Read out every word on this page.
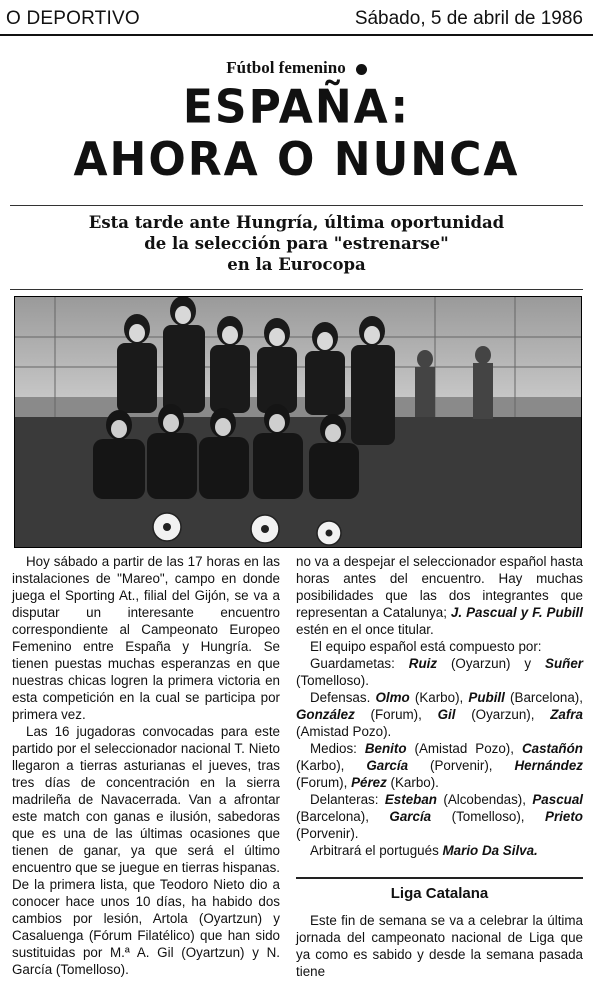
O DEPORTIVO	Sábado, 5 de abril de 1986
Fútbol femenino
ESPAÑA:
AHORA O NUNCA
Esta tarde ante Hungría, última oportunidad
de la selección para "estrenarse"
en la Eurocopa

Hoy sábado a partir de las 17 horas en las instalaciones de "Mareo", campo en donde juega el Sporting At., filial del Gijón, se va a disputar un interesante encuentro correspondiente al Campeonato Europeo Femenino entre España y Hungría. Se tienen puestas muchas esperanzas en que nuestras chicas logren la primera victoria en esta competición en la cual se participa por primera vez.

Las 16 jugadoras convocadas para este partido por el seleccionador nacional T. Nieto llegaron a tierras asturianas el jueves, tras tres días de concentración en la sierra madrileña de Navacerrada. Van a afrontar este match con ganas e ilusión, sabedoras que es una de las últimas ocasiones que tienen de ganar, ya que será el último encuentro que se juegue en tierras hispanas. De la primera lista, que Teodoro Nieto dio a conocer hace unos 10 días, ha habido dos cambios por lesión, Artola (Oyartzun) y Casaluenga (Fórum Filatélico) que han sido sustituidas por M.ª A. Gil (Oyartzun) y N. García (Tomelloso).

no va a despejar el seleccionador español hasta horas antes del encuentro. Hay muchas posibilidades que las dos integrantes que representan a Catalunya; J. Pascual y F. Pubill estén en el once titular.

El equipo español está compuesto por:

Guardametas: Ruiz (Oyarzun) y Suñer (Tomelloso).

Defensas. Olmo (Karbo), Pubill (Barcelona), González (Forum), Gil (Oyarzun), Zafra (Amistad Pozo).

Medios: Benito (Amistad Pozo), Castañón (Karbo), García (Porvenir), Hernández (Forum), Pérez (Karbo).

Delanteras: Esteban (Alcobendas), Pascual (Barcelona), García (Tomelloso), Prieto (Porvenir).

Arbitrará el portugués Mario Da Silva.

Liga Catalana

Este fin de semana se va a celebrar la última jornada del campeonato nacional de Liga que ya como es sabido y desde la semana pasada tiene
